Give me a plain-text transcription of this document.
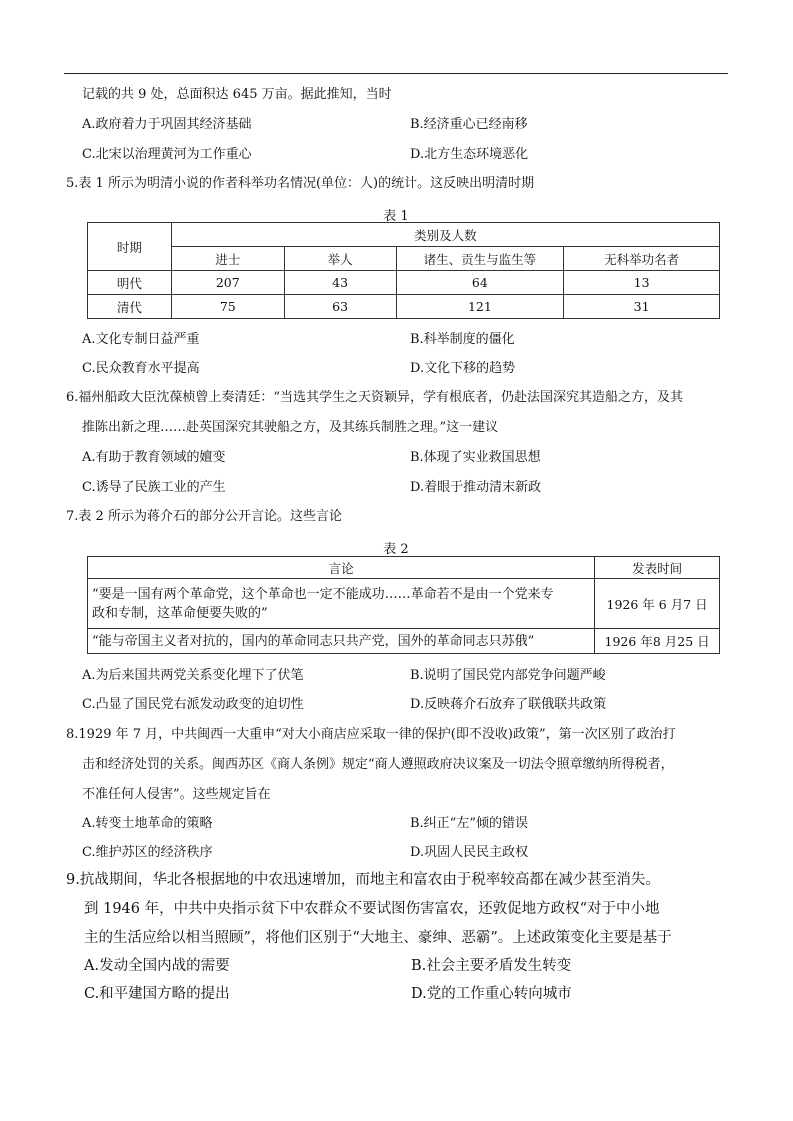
记载的共 9 处，总面积达 645 万亩。据此推知，当时
A.政府着力于巩固其经济基础	B.经济重心已经南移
C.北宋以治理黄河为工作重心	D.北方生态环境恶化
5.表 1 所示为明清小说的作者科举功名情况(单位：人)的统计。这反映出明清时期
表 1
时期	类别及人数			
	进士	举人	诸生、贡生与监生等	无科举功名者
明代	207	43	64	13
清代	75	63	121	31
A.文化专制日益严重	B.科举制度的僵化
C.民众教育水平提高	D.文化下移的趋势
6.福州船政大臣沈葆桢曾上奏清廷：“当选其学生之天资颖异，学有根底者，仍赴法国深究其造船之方，及其
推陈出新之理……赴英国深究其驶船之方，及其练兵制胜之理。”这一建议
A.有助于教育领域的嬗变	B.体现了实业救国思想
C.诱导了民族工业的产生	D.着眼于推动清末新政
7.表 2 所示为蒋介石的部分公开言论。这些言论
表 2
言论	发表时间

“要是一国有两个革命党，这个革命也一定不能成功……革命若不是由一个党来专
政和专制，这革命便要失败的”	1926 年 6 月7 日
“能与帝国主义者对抗的，国内的革命同志只共产党，国外的革命同志只苏俄”	1926 年8 月25 日
A.为后来国共两党关系变化埋下了伏笔	B.说明了国民党内部党争问题严峻
C.凸显了国民党右派发动政变的迫切性	D.反映蒋介石放弃了联俄联共政策
8.1929 年 7 月，中共闽西一大重申“对大小商店应采取一律的保护(即不没收)政策”，第一次区别了政治打
击和经济处罚的关系。闽西苏区《商人条例》规定“商人遵照政府决议案及一切法令照章缴纳所得税者，
不准任何人侵害”。这些规定旨在
A.转变土地革命的策略	B.纠正“左”倾的错误
C.维护苏区的经济秩序	D.巩固人民民主政权
9.抗战期间，华北各根据地的中农迅速增加，而地主和富农由于税率较高都在减少甚至消失。
到 1946 年，中共中央指示贫下中农群众不要试图伤害富农，还敦促地方政权“对于中小地
主的生活应给以相当照顾”，将他们区别于“大地主、豪绅、恶霸”。上述政策变化主要是基于
A.发动全国内战的需要	B.社会主要矛盾发生转变
C.和平建国方略的提出	D.党的工作重心转向城市
